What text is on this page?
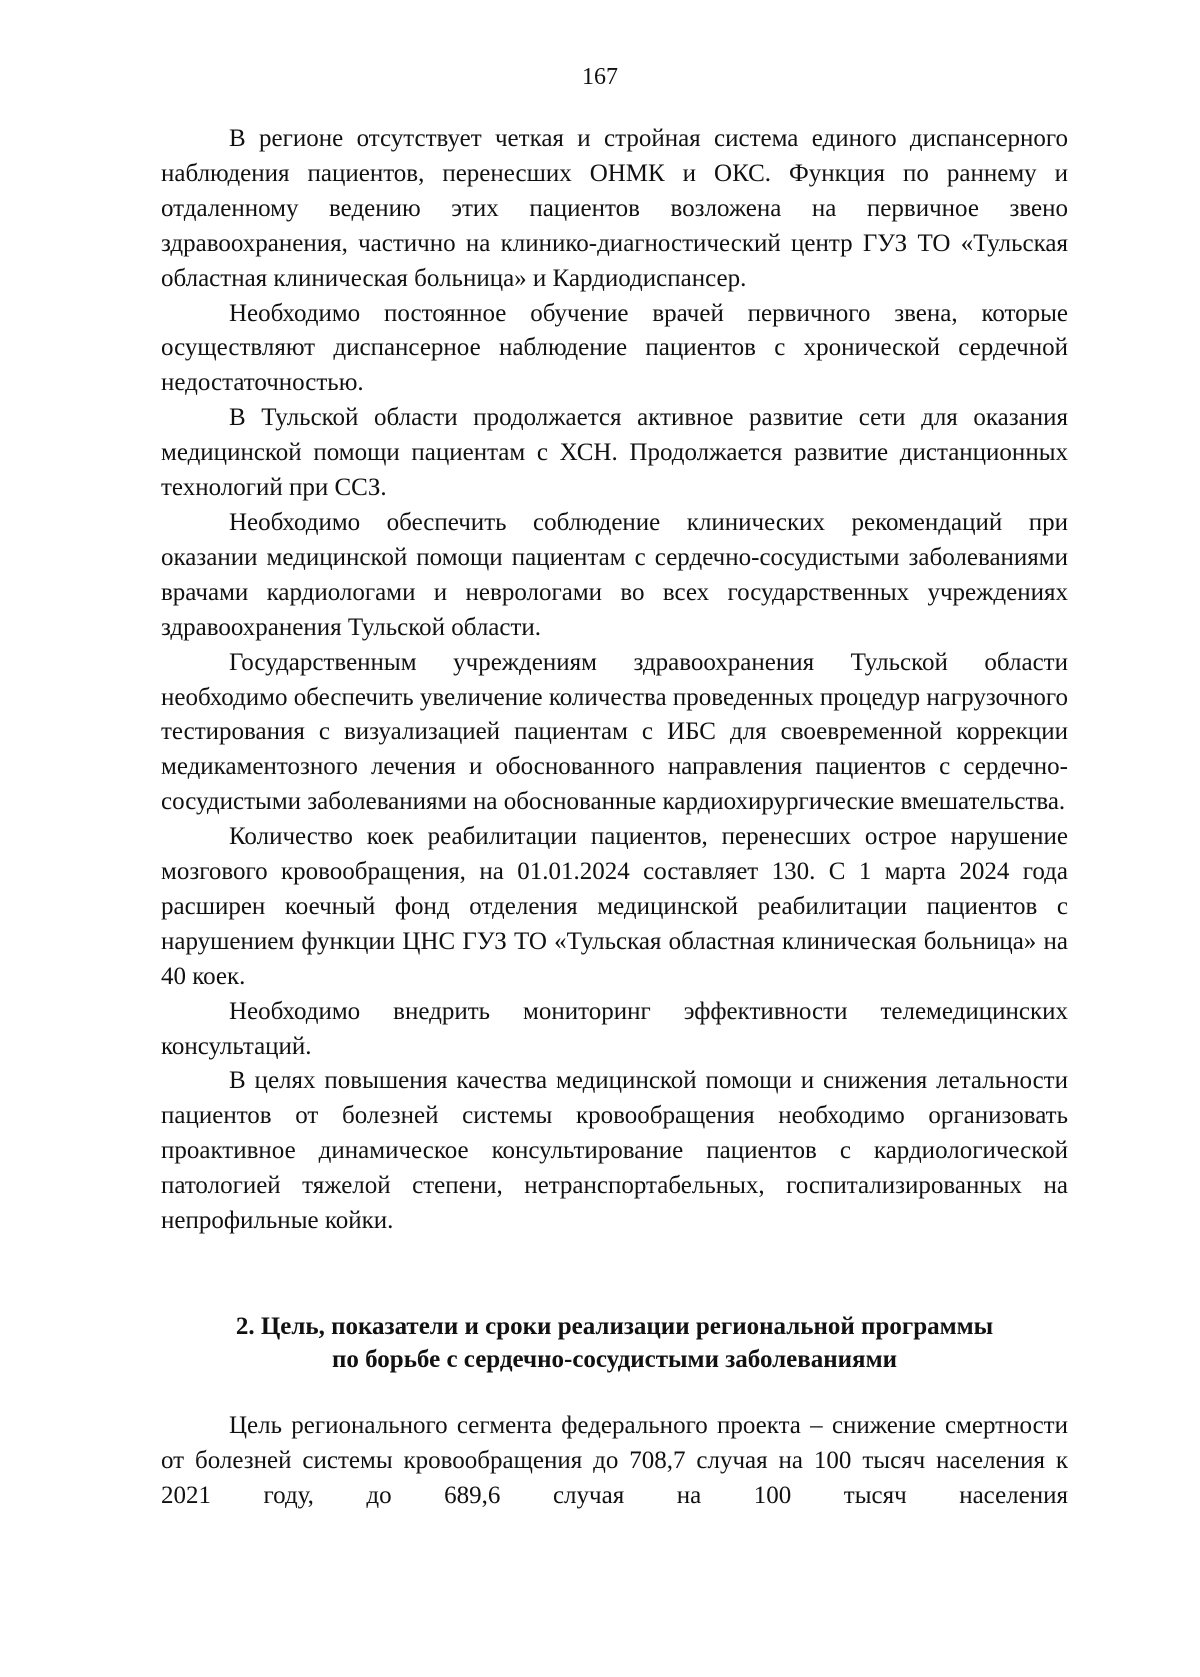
167

В регионе отсутствует четкая и стройная система единого диспансерного наблюдения пациентов, перенесших ОНМК и ОКС. Функция по раннему и отдаленному ведению этих пациентов возложена на первичное звено здравоохранения, частично на клинико-диагностический центр ГУЗ ТО «Тульская областная клиническая больница» и Кардиодиспансер.

Необходимо постоянное обучение врачей первичного звена, которые осуществляют диспансерное наблюдение пациентов с хронической сердечной недостаточностью.

В Тульской области продолжается активное развитие сети для оказания медицинской помощи пациентам с ХСН. Продолжается развитие дистанционных технологий при ССЗ.

Необходимо обеспечить соблюдение клинических рекомендаций при оказании медицинской помощи пациентам с сердечно-сосудистыми заболеваниями врачами кардиологами и неврологами во всех государственных учреждениях здравоохранения Тульской области.

Государственным учреждениям здравоохранения Тульской области необходимо обеспечить увеличение количества проведенных процедур нагрузочного тестирования с визуализацией пациентам с ИБС для своевременной коррекции медикаментозного лечения и обоснованного направления пациентов с сердечно-сосудистыми заболеваниями на обоснованные кардиохирургические вмешательства.

Количество коек реабилитации пациентов, перенесших острое нарушение мозгового кровообращения, на 01.01.2024 составляет 130. С 1 марта 2024 года расширен коечный фонд отделения медицинской реабилитации пациентов с нарушением функции ЦНС ГУЗ ТО «Тульская областная клиническая больница» на 40 коек.

Необходимо внедрить мониторинг эффективности телемедицинских консультаций.

В целях повышения качества медицинской помощи и снижения летальности пациентов от болезней системы кровообращения необходимо организовать проактивное динамическое консультирование пациентов с кардиологической патологией тяжелой степени, нетранспортабельных, госпитализированных на непрофильные койки.

2. Цель, показатели и сроки реализации региональной программы
по борьбе с сердечно-сосудистыми заболеваниями

Цель регионального сегмента федерального проекта – снижение смертности от болезней системы кровообращения до 708,7 случая на 100 тысяч населения к 2021 году, до 689,6 случая на 100 тысяч населения
